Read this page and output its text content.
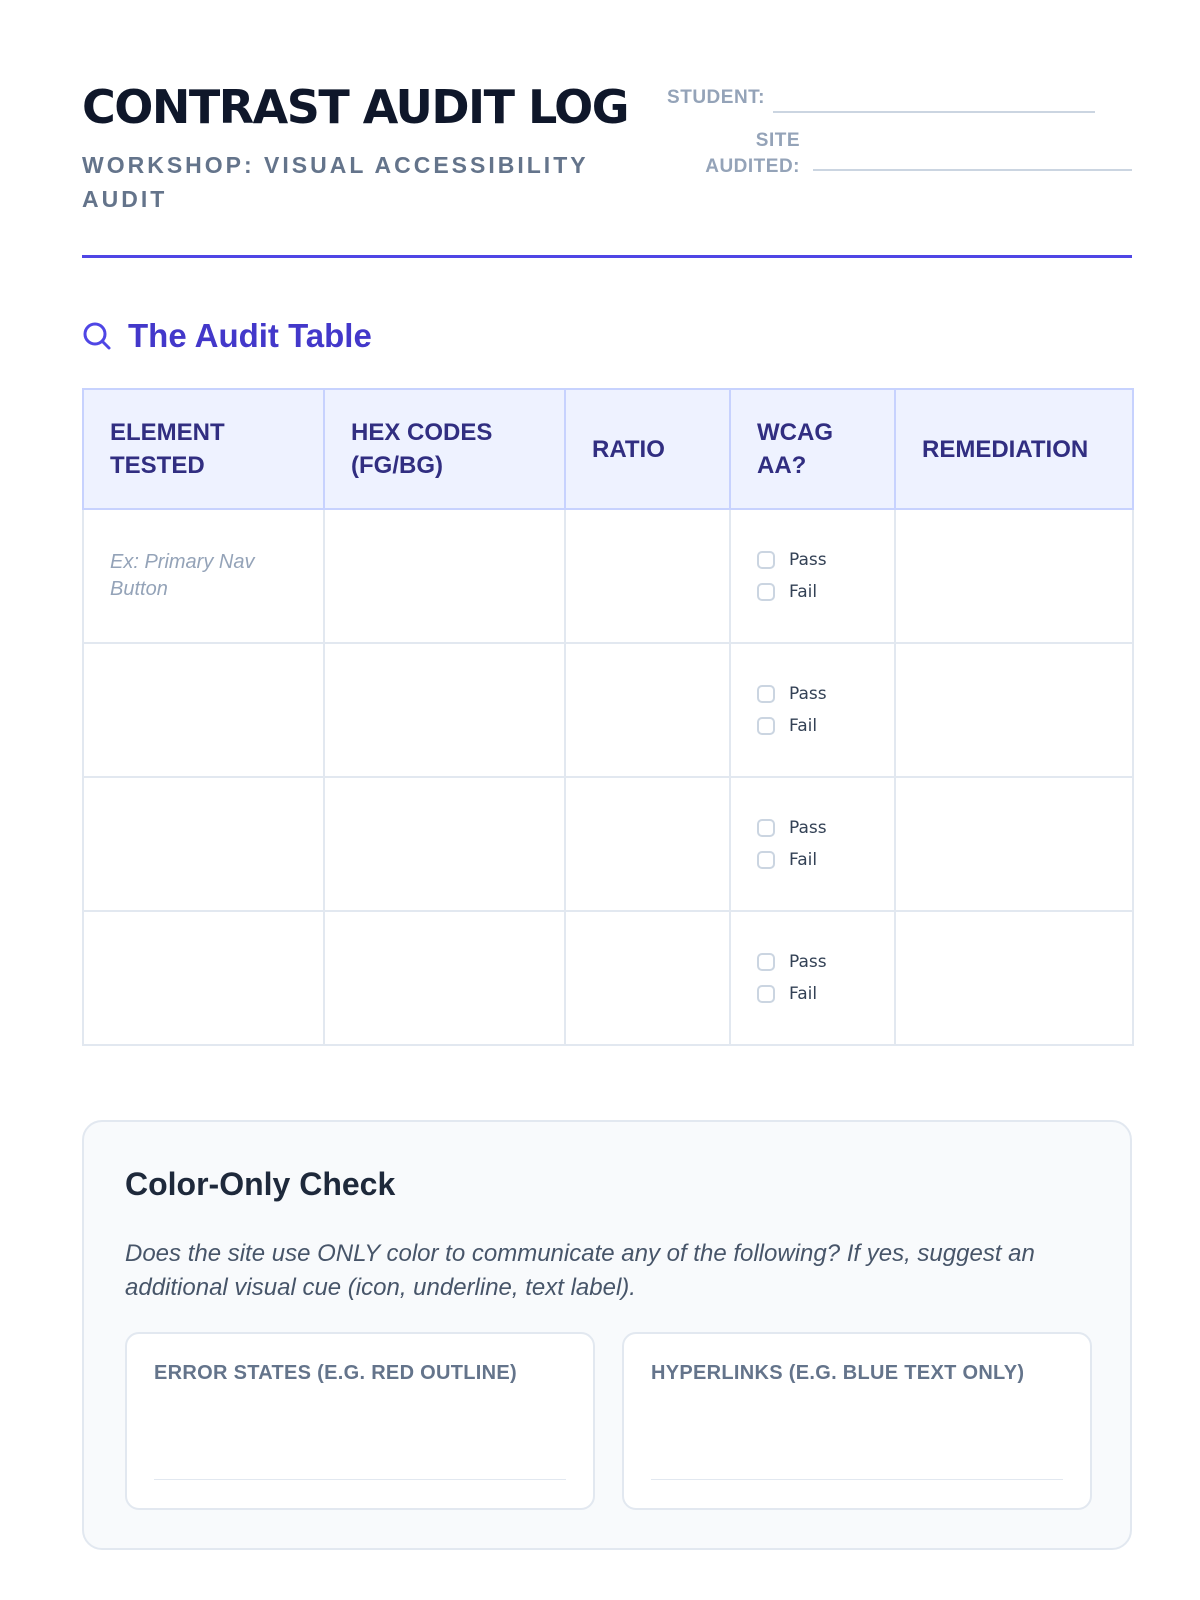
CONTRAST AUDIT LOG
WORKSHOP: VISUAL ACCESSIBILITY AUDIT
STUDENT:
SITE AUDITED:
The Audit Table
ELEMENT TESTED	HEX CODES (FG/BG)	RATIO	WCAG AA?	REMEDIATION

Ex: Primary Nav Button			Pass
Fail	

			Pass
Fail	

			Pass
Fail	

			Pass
Fail	

Color-Only Check

Does the site use ONLY color to communicate any of the following? If yes, suggest an additional visual cue (icon, underline, text label).

ERROR STATES (E.G. RED OUTLINE)	HYPERLINKS (E.G. BLUE TEXT ONLY)
